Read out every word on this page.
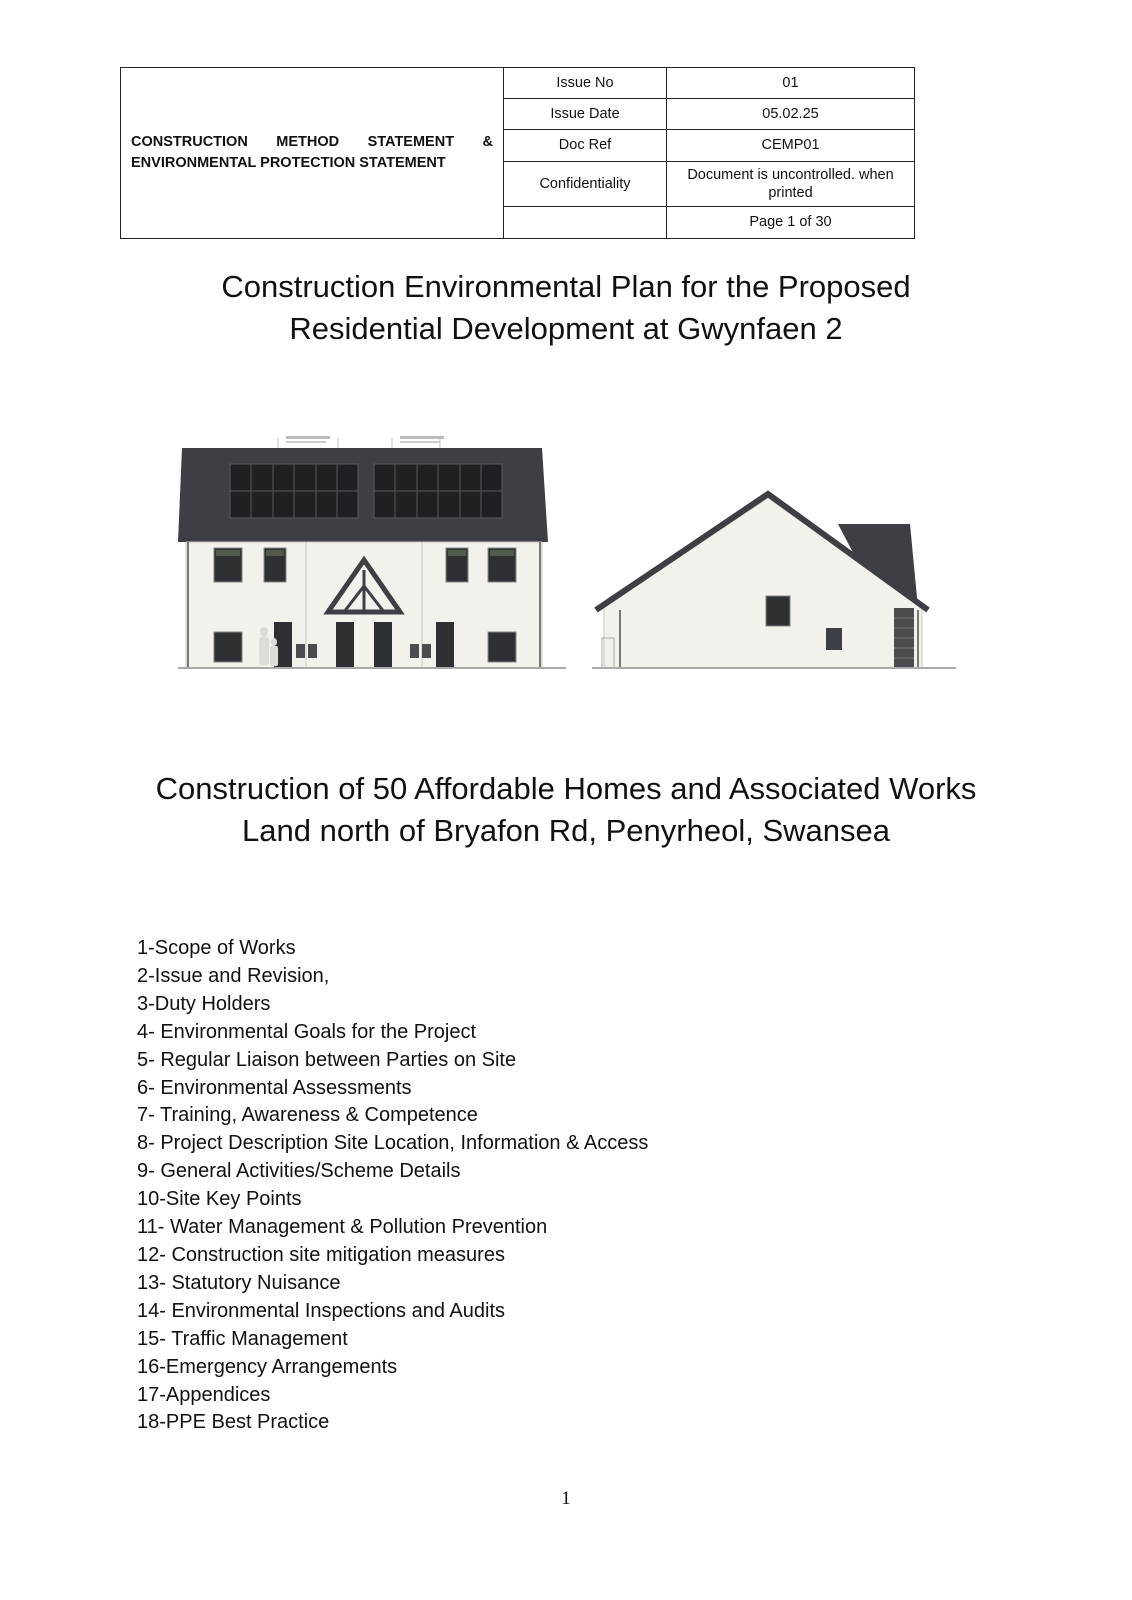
CONSTRUCTION METHOD STATEMENT &
ENVIRONMENTAL PROTECTION STATEMENT	Issue No	01
	Issue Date	05.02.25
	Doc Ref	CEMP01
	Confidentiality	Document is uncontrolled. when printed
		Page 1 of 30
Construction Environmental Plan for the Proposed
Residential Development at Gwynfaen 2
Construction of 50 Affordable Homes and Associated Works
Land north of Bryafon Rd, Penyrheol, Swansea
1-Scope of Works
2-Issue and Revision,
3-Duty Holders
4- Environmental Goals for the Project
5- Regular Liaison between Parties on Site
6- Environmental Assessments
7- Training, Awareness & Competence
8- Project Description Site Location, Information & Access
9- General Activities/Scheme Details
10-Site Key Points
11- Water Management & Pollution Prevention
12- Construction site mitigation measures
13- Statutory Nuisance
14- Environmental Inspections and Audits
15- Traffic Management
16-Emergency Arrangements
17-Appendices
18-PPE Best Practice
1
